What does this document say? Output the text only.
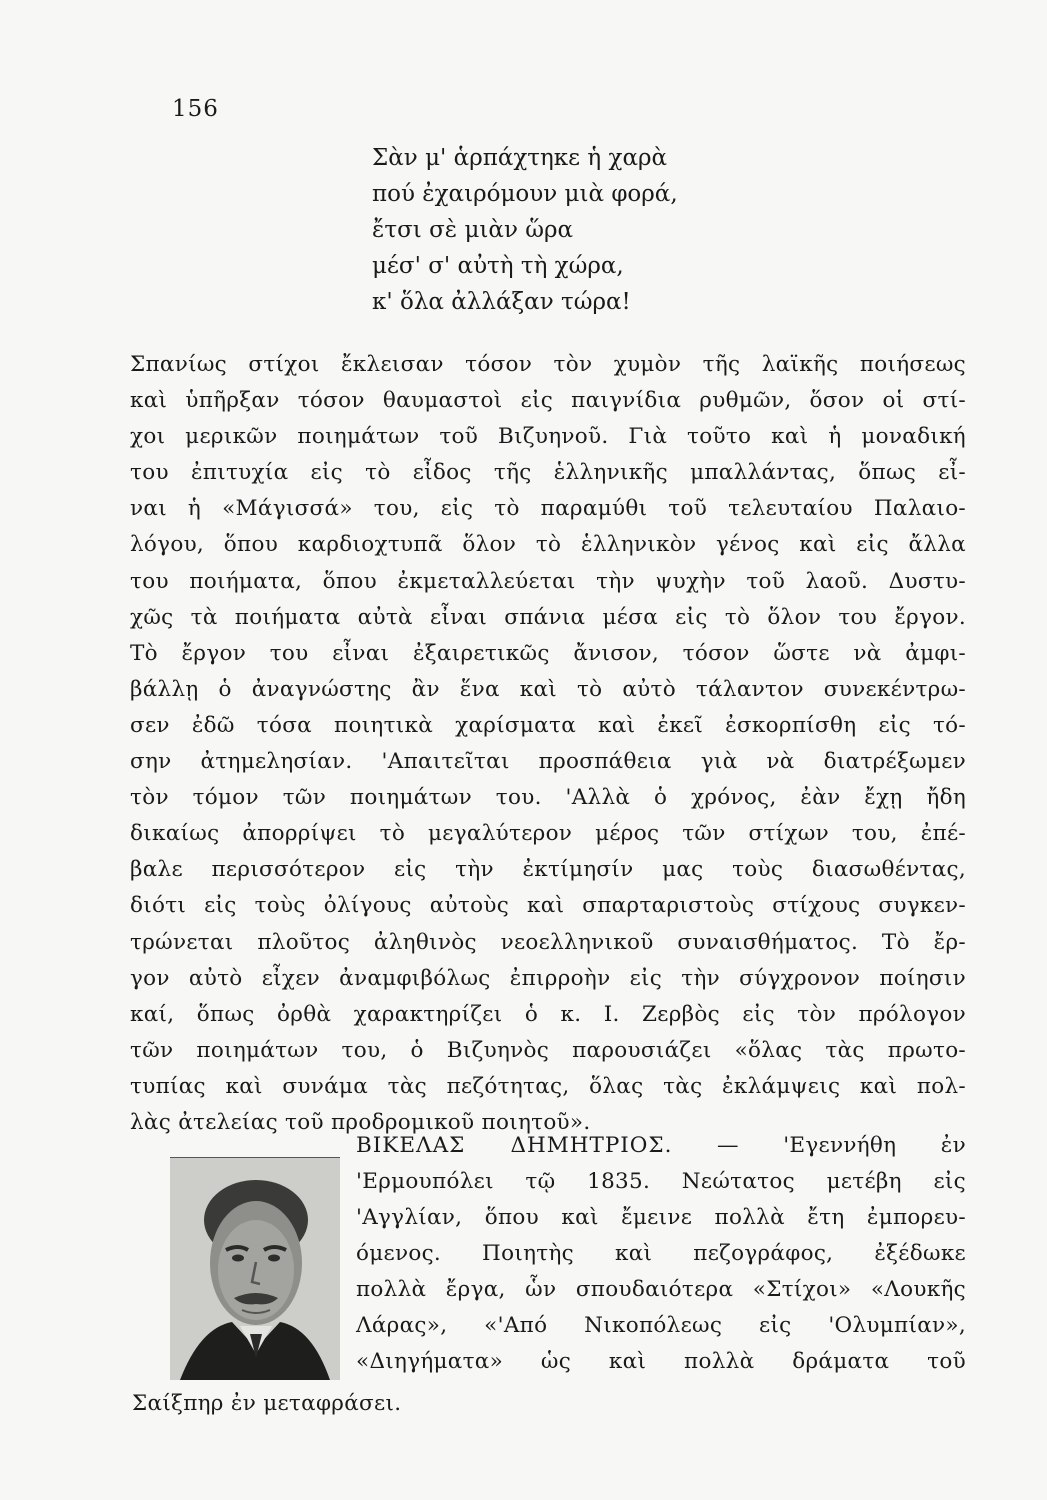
156
Σὰν μ' ἁρπάχτηκε ἡ χαρὰ
πού ἐχαιρόμουν μιὰ φορά,
ἔτσι σὲ μιὰν ὥρα
μέσ' σ' αὐτὴ τὴ χώρα,
κ' ὅλα ἀλλάξαν τώρα!
Σπανίως στίχοι ἔκλεισαν τόσον τὸν χυμὸν τῆς λαϊκῆς ποιήσεως
καὶ ὑπῆρξαν τόσον θαυμαστοὶ εἰς παιγνίδια ρυθμῶν, ὅσον οἱ στί-
χοι μερικῶν ποιημάτων τοῦ Βιζυηνοῦ. Γιὰ τοῦτο καὶ ἡ μοναδική
του ἐπιτυχία εἰς τὸ εἶδος τῆς ἑλληνικῆς μπαλλάντας, ὅπως εἶ-
ναι ἡ «Μάγισσά» του, εἰς τὸ παραμύθι τοῦ τελευταίου Παλαιο-
λόγου, ὅπου καρδιοχτυπᾶ ὅλον τὸ ἑλληνικὸν γένος καὶ εἰς ἄλλα
του ποιήματα, ὅπου ἐκμεταλλεύεται τὴν ψυχὴν τοῦ λαοῦ. Δυστυ-
χῶς τὰ ποιήματα αὐτὰ εἶναι σπάνια μέσα εἰς τὸ ὅλον του ἔργον.
Τὸ ἔργον του εἶναι ἐξαιρετικῶς ἄνισον, τόσον ὥστε νὰ ἀμφι-
βάλλῃ ὁ ἀναγνώστης ἂν ἕνα καὶ τὸ αὐτὸ τάλαντον συνεκέντρω-
σεν ἐδῶ τόσα ποιητικὰ χαρίσματα καὶ ἐκεῖ ἐσκορπίσθη εἰς τό-
σην ἀτημελησίαν. 'Απαιτεῖται προσπάθεια γιὰ νὰ διατρέξωμεν
τὸν τόμον τῶν ποιημάτων του. 'Αλλὰ ὁ χρόνος, ἐὰν ἔχῃ ἤδη
δικαίως ἀπορρίψει τὸ μεγαλύτερον μέρος τῶν στίχων του, ἐπέ-
βαλε περισσότερον εἰς τὴν ἐκτίμησίν μας τοὺς διασωθέντας,
διότι εἰς τοὺς ὀλίγους αὐτοὺς καὶ σπαρταριστοὺς στίχους συγκεν-
τρώνεται πλοῦτος ἀληθινὸς νεοελληνικοῦ συναισθήματος. Τὸ ἔρ-
γον αὐτὸ εἶχεν ἀναμφιβόλως ἐπιρροὴν εἰς τὴν σύγχρονον ποίησιν
καί, ὅπως ὀρθὰ χαρακτηρίζει ὁ κ. Ι. Ζερβὸς εἰς τὸν πρόλογον
τῶν ποιημάτων του, ὁ Βιζυηνὸς παρουσιάζει «ὅλας τὰς πρωτο-
τυπίας καὶ συνάμα τὰς πεζότητας, ὅλας τὰς ἐκλάμψεις καὶ πολ-
λὰς ἀτελείας τοῦ προδρομικοῦ ποιητοῦ».
ΒΙΚΕΛΑΣ ΔΗΜΗΤΡΙΟΣ. — 'Εγεννήθη ἐν
'Ερμουπόλει τῷ 1835. Νεώτατος μετέβη εἰς
'Αγγλίαν, ὅπου καὶ ἔμεινε πολλὰ ἔτη ἐμπορευ-
όμενος. Ποιητὴς καὶ πεζογράφος, ἐξέδωκε
πολλὰ ἔργα, ὧν σπουδαιότερα «Στίχοι» «Λουκῆς
Λάρας», «'Από Νικοπόλεως εἰς 'Ολυμπίαν»,
«Διηγήματα» ὡς καὶ πολλὰ δράματα τοῦ
Σαίξπηρ ἐν μεταφράσει.
